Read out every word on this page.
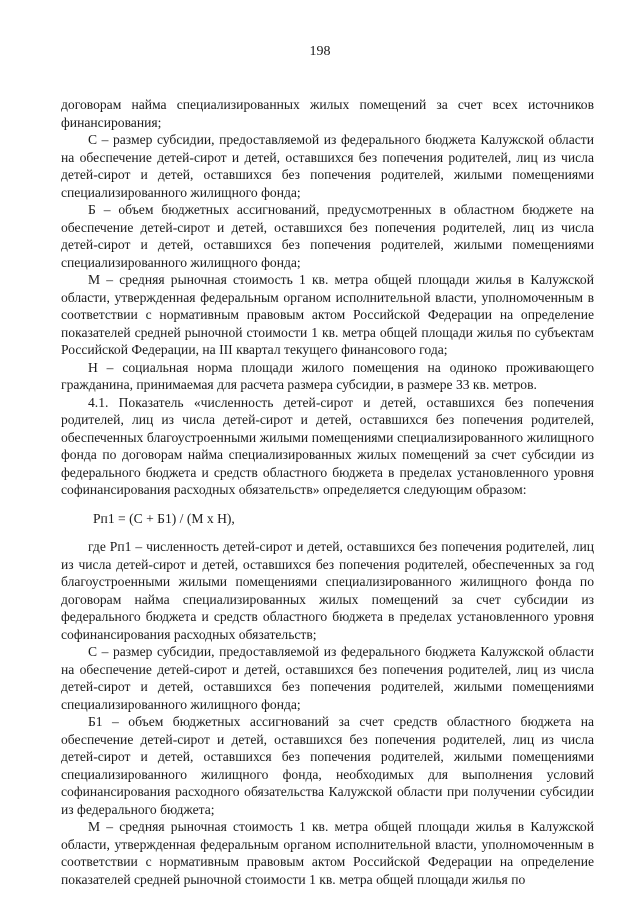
198

договорам найма специализированных жилых помещений за счет всех источников финансирования;

С – размер субсидии, предоставляемой из федерального бюджета Калужской области на обеспечение детей-сирот и детей, оставшихся без попечения родителей, лиц из числа детей-сирот и детей, оставшихся без попечения родителей, жилыми помещениями специализированного жилищного фонда;

Б – объем бюджетных ассигнований, предусмотренных в областном бюджете на обеспечение детей-сирот и детей, оставшихся без попечения родителей, лиц из числа детей-сирот и детей, оставшихся без попечения родителей, жилыми помещениями специализированного жилищного фонда;

М – средняя рыночная стоимость 1 кв. метра общей площади жилья в Калужской области, утвержденная федеральным органом исполнительной власти, уполномоченным в соответствии с нормативным правовым актом Российской Федерации на определение показателей средней рыночной стоимости 1 кв. метра общей площади жилья по субъектам Российской Федерации, на III квартал текущего финансового года;

Н – социальная норма площади жилого помещения на одиноко проживающего гражданина, принимаемая для расчета размера субсидии, в размере 33 кв. метров.

4.1. Показатель «численность детей-сирот и детей, оставшихся без попечения родителей, лиц из числа детей-сирот и детей, оставшихся без попечения родителей, обеспеченных благоустроенными жилыми помещениями специализированного жилищного фонда по договорам найма специализированных жилых помещений за счет субсидии из федерального бюджета и средств областного бюджета в пределах установленного уровня софинансирования расходных обязательств» определяется следующим образом:

Рп1 = (С + Б1) / (М х Н),

где Рп1 – численность детей-сирот и детей, оставшихся без попечения родителей, лиц из числа детей-сирот и детей, оставшихся без попечения родителей, обеспеченных за год благоустроенными жилыми помещениями специализированного жилищного фонда по договорам найма специализированных жилых помещений за счет субсидии из федерального бюджета и средств областного бюджета в пределах установленного уровня софинансирования расходных обязательств;

С – размер субсидии, предоставляемой из федерального бюджета Калужской области на обеспечение детей-сирот и детей, оставшихся без попечения родителей, лиц из числа детей-сирот и детей, оставшихся без попечения родителей, жилыми помещениями специализированного жилищного фонда;

Б1 – объем бюджетных ассигнований за счет средств областного бюджета на обеспечение детей-сирот и детей, оставшихся без попечения родителей, лиц из числа детей-сирот и детей, оставшихся без попечения родителей, жилыми помещениями специализированного жилищного фонда, необходимых для выполнения условий софинансирования расходного обязательства Калужской области при получении субсидии из федерального бюджета;

М – средняя рыночная стоимость 1 кв. метра общей площади жилья в Калужской области, утвержденная федеральным органом исполнительной власти, уполномоченным в соответствии с нормативным правовым актом Российской Федерации на определение показателей средней рыночной стоимости 1 кв. метра общей площади жилья по
